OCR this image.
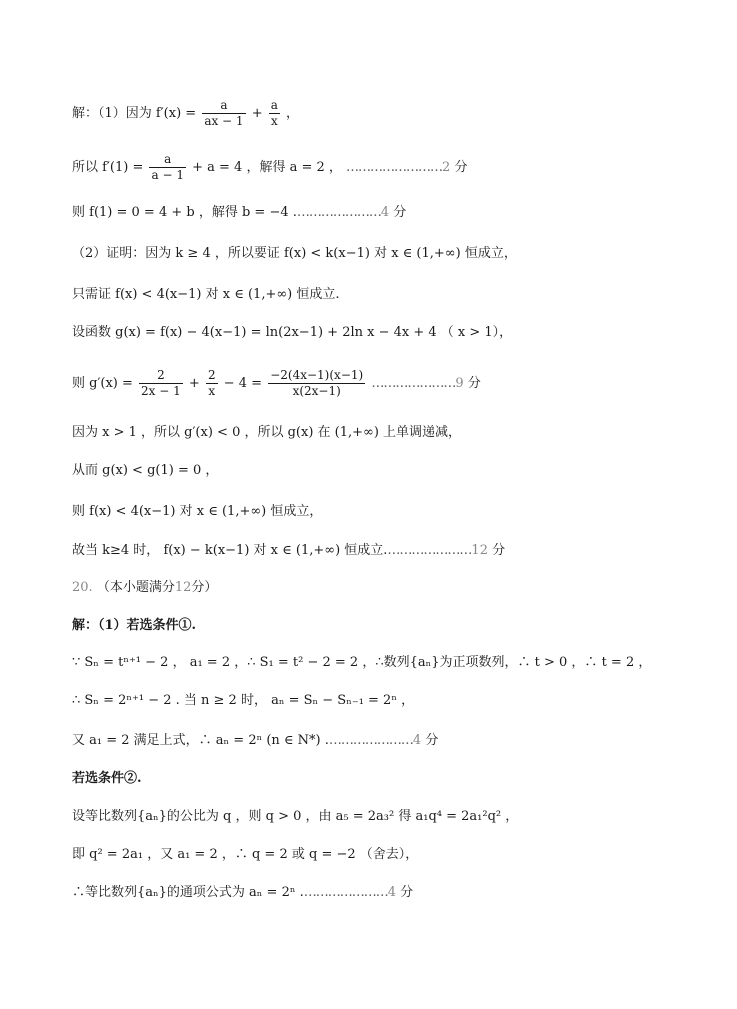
解：（1）因为 $f'(x) = \frac{a}{ax - 1} + \frac{a}{x}$ ，
所以 $f'(1) = \frac{a}{a - 1} + a = 4$ ，解得 a = 2 ， ……………………2 分
则 f(1) = 0 = 4 + b ，解得 b = −4 .…………………4 分
（2）证明：因为 k ≥ 4 ，所以要证 f(x) < k(x−1) 对 x ∈ (1,+∞) 恒成立，
只需证 f(x) < 4(x−1) 对 x ∈ (1,+∞) 恒成立.
设函数 g(x) = f(x) − 4(x−1) = ln(2x−1) + 2ln x − 4x + 4 （ x > 1），
则 $g'(x) = \frac{2}{2x - 1} + \frac{2}{x} - 4 = \frac{-2(4x-1)(x-1)}{x(2x-1)}$ …………………9 分
因为 x > 1 ，所以 g′(x) < 0 ，所以 g(x) 在 (1,+∞) 上单调递减，
从而 g(x) < g(1) = 0 ，
则 f(x) < 4(x−1) 对 x ∈ (1,+∞) 恒成立，
故当 k≥4 时， f(x) − k(x−1) 对 x ∈ (1,+∞) 恒成立.…………………12 分
20. （本小题满分12分）
解：（1）若选条件①.
∵ Sₙ = tⁿ⁺¹ − 2 ， a₁ = 2 ，∴ S₁ = t² − 2 = 2 ，∴数列{aₙ}为正项数列，∴ t > 0 ，∴ t = 2 ，
∴ Sₙ = 2ⁿ⁺¹ − 2 . 当 n ≥ 2 时， aₙ = Sₙ − Sₙ₋₁ = 2ⁿ ，
又 a₁ = 2 满足上式，∴ aₙ = 2ⁿ (n ∈ N*) .…………………4 分
若选条件②.
设等比数列{aₙ}的公比为 q ，则 q > 0 ，由 a₅ = 2a₃² 得 a₁q⁴ = 2a₁²q² ，
即 q² = 2a₁ ，又 a₁ = 2 ，∴ q = 2 或 q = −2 （舍去），
∴等比数列{aₙ}的通项公式为 aₙ = 2ⁿ .…………………4 分
